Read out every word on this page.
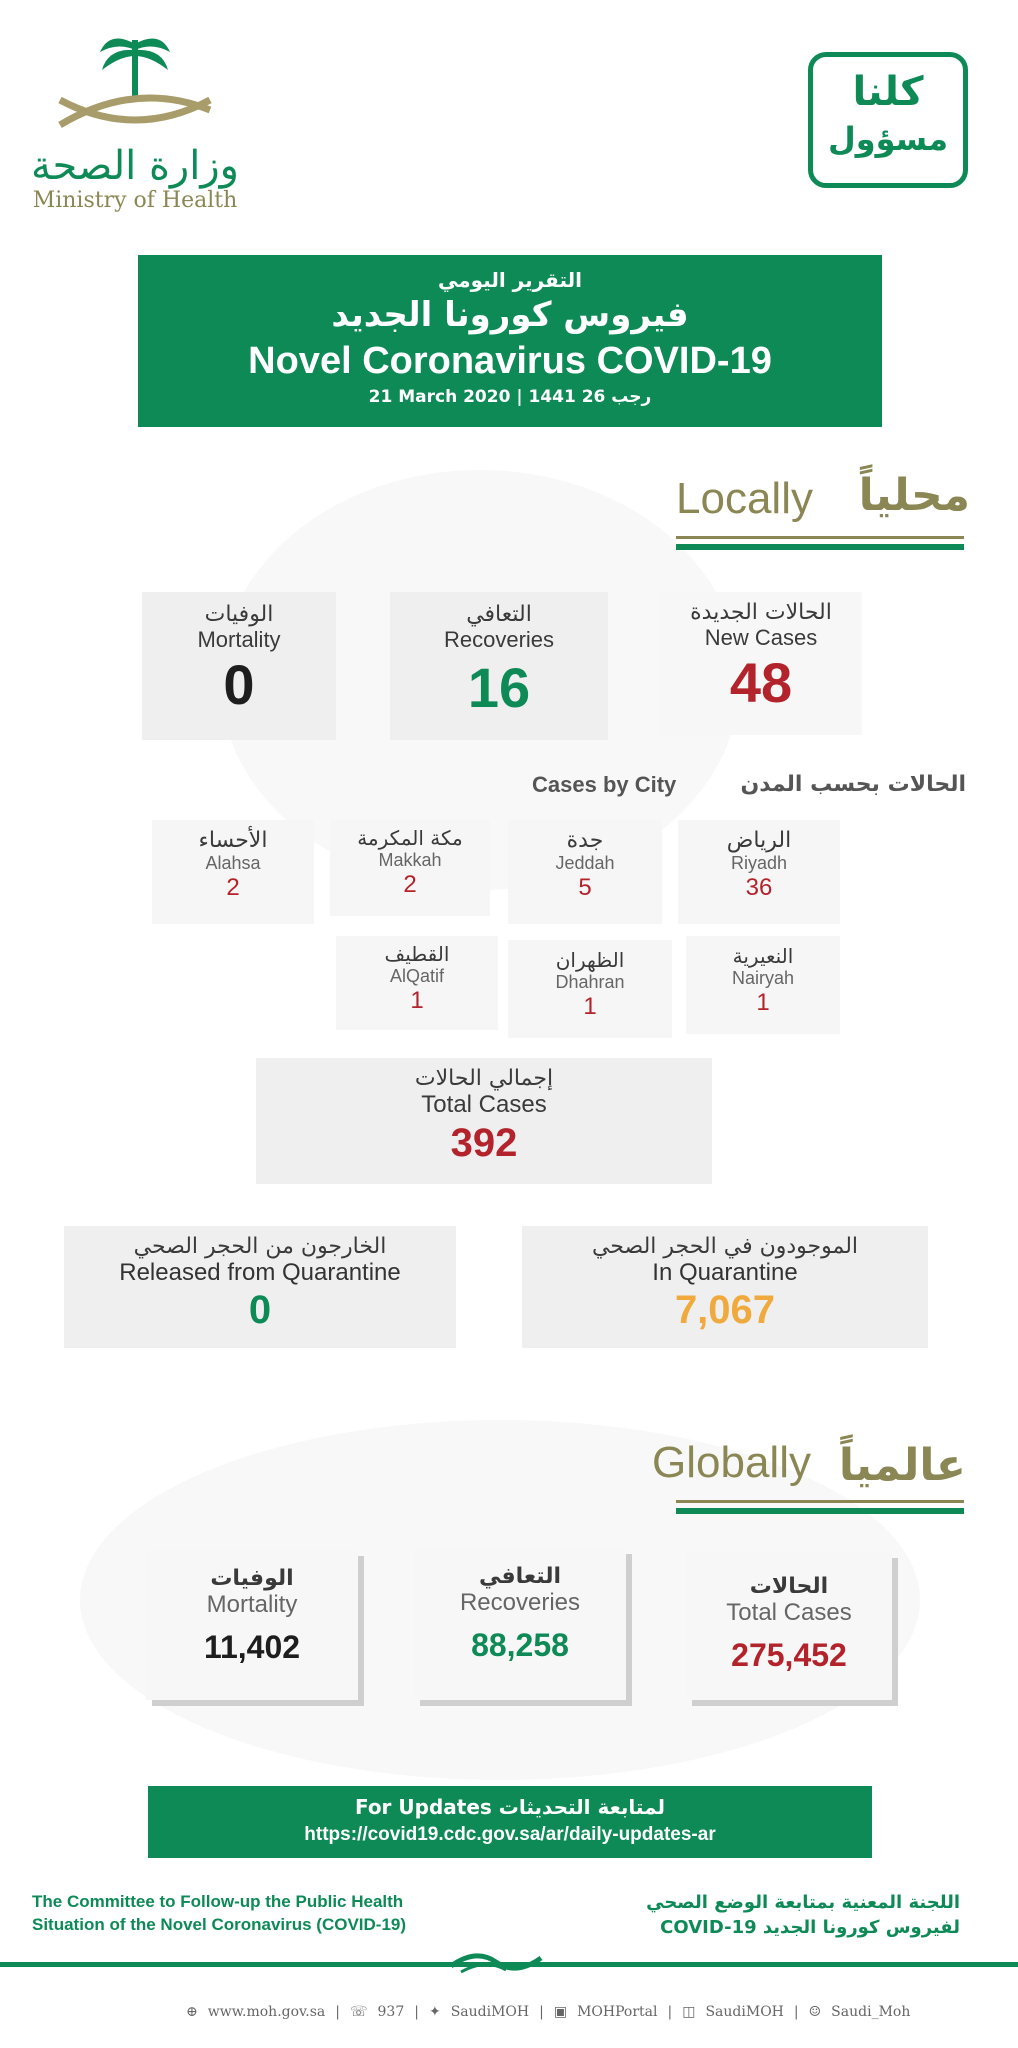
وزارة الصحة
Ministry of Health
كلنا
مسؤول
التقرير اليومي
فيروس كورونا الجديد
Novel Coronavirus COVID-19
21 March 2020 | 1441 26 رجب
Locally	محلياً
الحالات الجديدة
New Cases
48
التعافي
Recoveries
16
الوفيات
Mortality
0
Cases by City	الحالات بحسب المدن
الرياض
Riyadh
36
جدة
Jeddah
5
مكة المكرمة
Makkah
2
الأحساء
Alahsa
2
النعيرية
Nairyah
1
الظهران
Dhahran
1
القطيف
AlQatif
1
إجمالي الحالات
Total Cases
392
الخارجون من الحجر الصحي
Released from Quarantine
0
الموجودون في الحجر الصحي
In Quarantine
7,067
Globally عالمياً
الحالات
Total Cases
275,452
التعافي
Recoveries
88,258
الوفيات
Mortality
11,402
For Updates لمتابعة التحديثات
https://covid19.cdc.gov.sa/ar/daily-updates-ar
The Committee to Follow-up the Public Health
Situation of the Novel Coronavirus (COVID-19)
اللجنة المعنية بمتابعة الوضع الصحي
لفيروس كورونا الجديد COVID-19
⊕ www.moh.gov.sa | ☏ 937 | ✦ SaudiMOH | ▣ MOHPortal | ◫ SaudiMOH | ☺ Saudi_Moh
